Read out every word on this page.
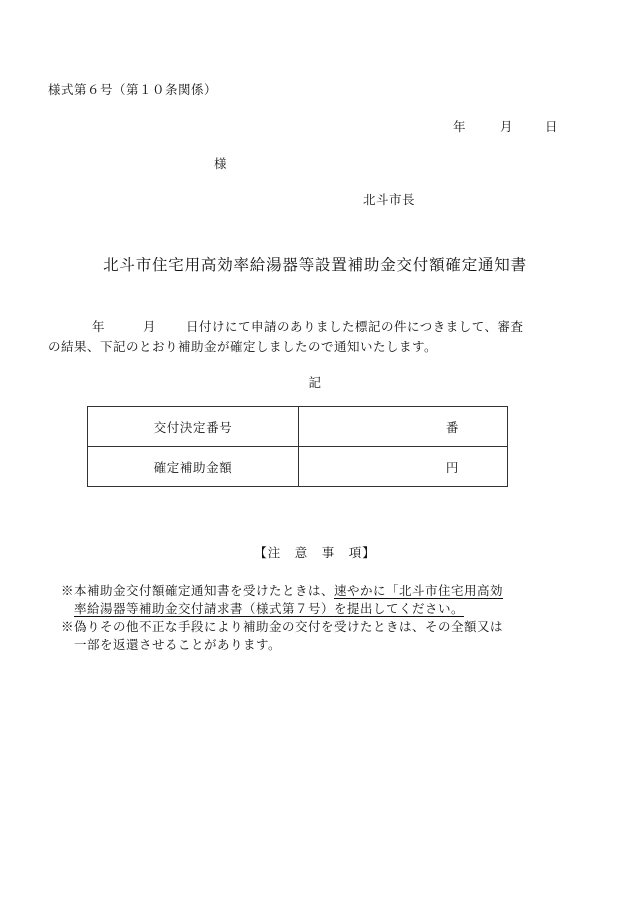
様式第６号（第１０条関係）
年	月	日
様
北斗市長
北斗市住宅用高効率給湯器等設置補助金交付額確定通知書
年	月 日付けにて申請のありました標記の件につきまして、審査
の結果、下記のとおり補助金が確定しましたので通知いたします。
記
交付決定番号	番
確定補助金額	円
【注　意　事　項】
※本補助金交付額確定通知書を受けたときは、速やかに「北斗市住宅用高効
率給湯器等補助金交付請求書（様式第７号）を提出してください。
※偽りその他不正な手段により補助金の交付を受けたときは、その全額又は
一部を返還させることがあります。
